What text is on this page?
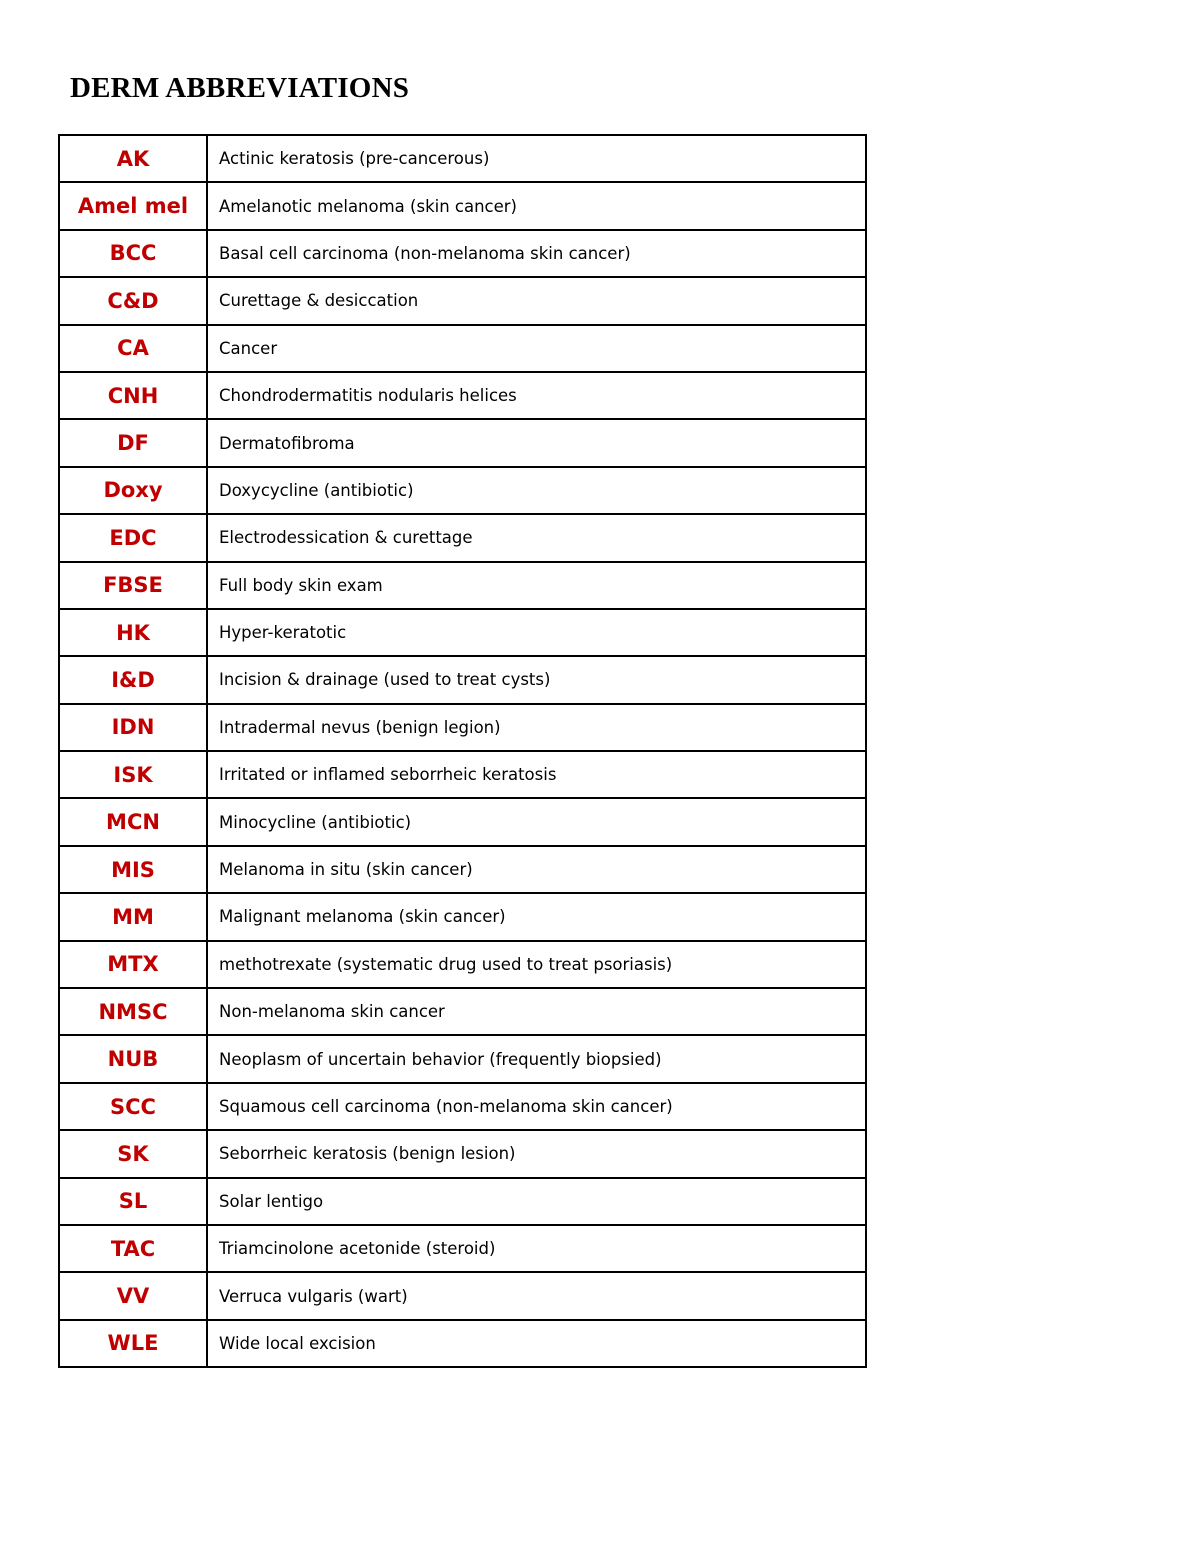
DERM ABBREVIATIONS
AK	Actinic keratosis (pre-cancerous)
Amel mel	Amelanotic melanoma (skin cancer)
BCC	Basal cell carcinoma (non-melanoma skin cancer)
C&D	Curettage & desiccation
CA	Cancer
CNH	Chondrodermatitis nodularis helices
DF	Dermatofibroma
Doxy	Doxycycline (antibiotic)
EDC	Electrodessication & curettage
FBSE	Full body skin exam
HK	Hyper-keratotic
I&D	Incision & drainage (used to treat cysts)
IDN	Intradermal nevus (benign legion)
ISK	Irritated or inflamed seborrheic keratosis
MCN	Minocycline (antibiotic)
MIS	Melanoma in situ (skin cancer)
MM	Malignant melanoma (skin cancer)
MTX	methotrexate (systematic drug used to treat psoriasis)
NMSC	Non-melanoma skin cancer
NUB	Neoplasm of uncertain behavior (frequently biopsied)
SCC	Squamous cell carcinoma (non-melanoma skin cancer)
SK	Seborrheic keratosis (benign lesion)
SL	Solar lentigo
TAC	Triamcinolone acetonide (steroid)
VV	Verruca vulgaris (wart)
WLE	Wide local excision
